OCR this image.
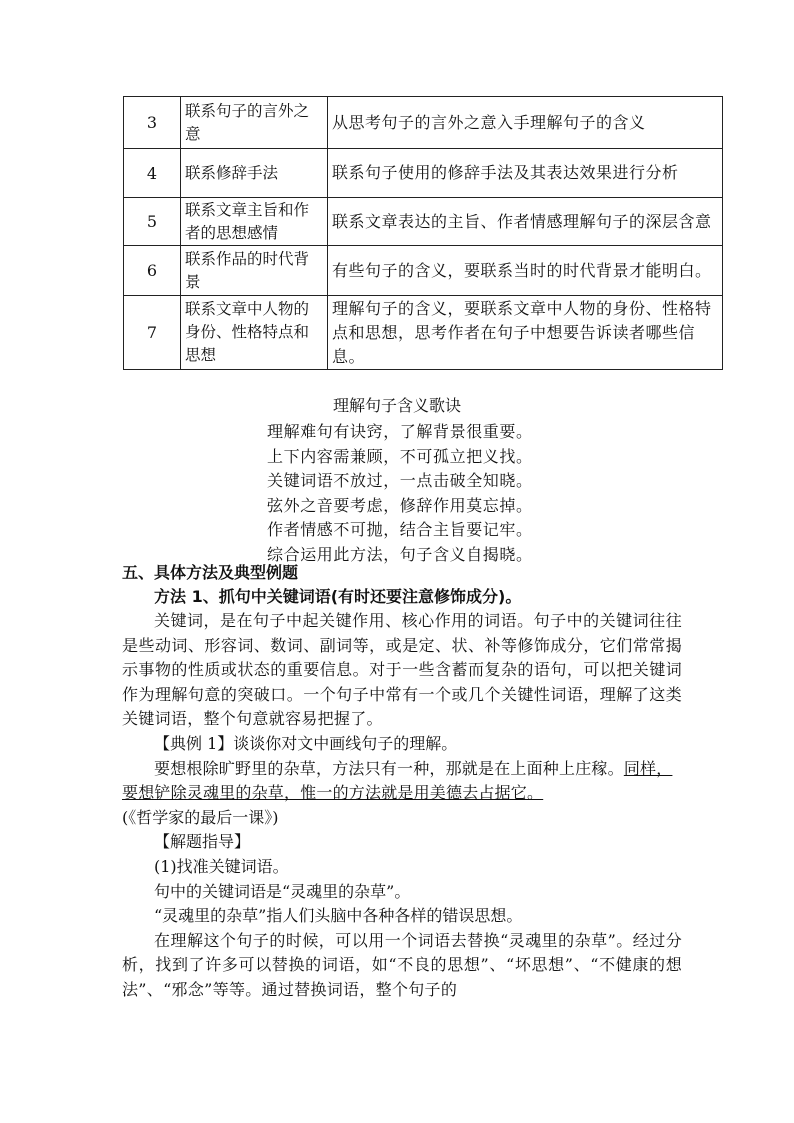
3	联系句子的言外之意	从思考句子的言外之意入手理解句子的含义
4	联系修辞手法	联系句子使用的修辞手法及其表达效果进行分析
5	联系文章主旨和作者的思想感情	联系文章表达的主旨、作者情感理解句子的深层含意
6	联系作品的时代背景	有些句子的含义，要联系当时的时代背景才能明白。
7	联系文章中人物的身份、性格特点和思想	理解句子的含义，要联系文章中人物的身份、性格特点和思想，思考作者在句子中想要告诉读者哪些信息。
理解句子含义歌诀
理解难句有诀窍，了解背景很重要。
上下内容需兼顾，不可孤立把义找。
关键词语不放过，一点击破全知晓。
弦外之音要考虑，修辞作用莫忘掉。
作者情感不可抛，结合主旨要记牢。
综合运用此方法，句子含义自揭晓。
五、具体方法及典型例题
方法 1、抓句中关键词语(有时还要注意修饰成分)。

关键词，是在句子中起关键作用、核心作用的词语。句子中的关键词往往是些动词、形容词、数词、副词等，或是定、状、补等修饰成分，它们常常揭示事物的性质或状态的重要信息。对于一些含蓄而复杂的语句，可以把关键词作为理解句意的突破口。一个句子中常有一个或几个关键性词语，理解了这类关键词语，整个句意就容易把握了。

【典例 1】谈谈你对文中画线句子的理解。

要想根除旷野里的杂草，方法只有一种，那就是在上面种上庄稼。同样，要想铲除灵魂里的杂草，惟一的方法就是用美德去占据它。

(《哲学家的最后一课》)

【解题指导】

(1)找准关键词语。

句中的关键词语是“灵魂里的杂草”。

“灵魂里的杂草”指人们头脑中各种各样的错误思想。

在理解这个句子的时候，可以用一个词语去替换“灵魂里的杂草”。经过分析，找到了许多可以替换的词语，如“不良的思想”、“坏思想”、“不健康的想法”、“邪念”等等。通过替换词语，整个句子的
